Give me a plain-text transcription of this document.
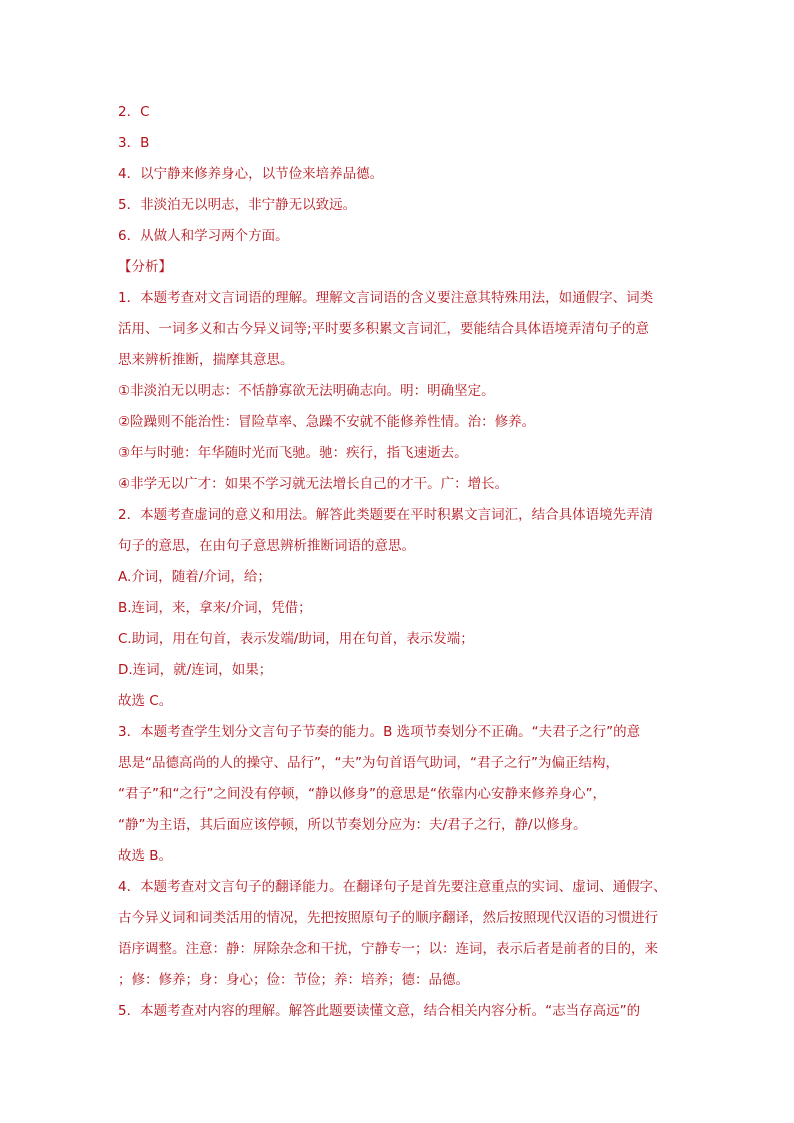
2．C
3．B
4．以宁静来修养身心，以节俭来培养品德。
5．非淡泊无以明志，非宁静无以致远。
6．从做人和学习两个方面。
【分析】
1．本题考查对文言词语的理解。理解文言词语的含义要注意其特殊用法，如通假字、词类
活用、一词多义和古今异义词等;平时要多积累文言词汇，要能结合具体语境弄清句子的意
思来辨析推断，揣摩其意思。
①非淡泊无以明志：不恬静寡欲无法明确志向。明：明确坚定。
②险躁则不能治性：冒险草率、急躁不安就不能修养性情。治：修养。
③年与时驰：年华随时光而飞驰。驰：疾行，指飞速逝去。
④非学无以广才：如果不学习就无法增长自己的才干。广：增长。
2．本题考查虚词的意义和用法。解答此类题要在平时积累文言词汇，结合具体语境先弄清
句子的意思，在由句子意思辨析推断词语的意思。
A.介词，随着/介词，给；
B.连词，来，拿来/介词，凭借；
C.助词，用在句首，表示发端/助词，用在句首，表示发端；
D.连词，就/连词，如果；
故选 C。
3．本题考查学生划分文言句子节奏的能力。B 选项节奏划分不正确。“夫君子之行”的意
思是“品德高尚的人的操守、品行”，“夫”为句首语气助词，“君子之行”为偏正结构，
“君子”和“之行”之间没有停顿，“静以修身”的意思是“依靠内心安静来修养身心”，
“静”为主语，其后面应该停顿，所以节奏划分应为：夫/君子之行，静/以修身。
故选 B。
4．本题考查对文言句子的翻译能力。在翻译句子是首先要注意重点的实词、虚词、通假字、
古今异义词和词类活用的情况，先把按照原句子的顺序翻译，然后按照现代汉语的习惯进行
语序调整。注意：静：屏除杂念和干扰，宁静专一；以：连词，表示后者是前者的目的，来
；修：修养；身：身心；俭：节俭；养：培养；德：品德。
5．本题考查对内容的理解。解答此题要读懂文意，结合相关内容分析。“志当存高远”的
